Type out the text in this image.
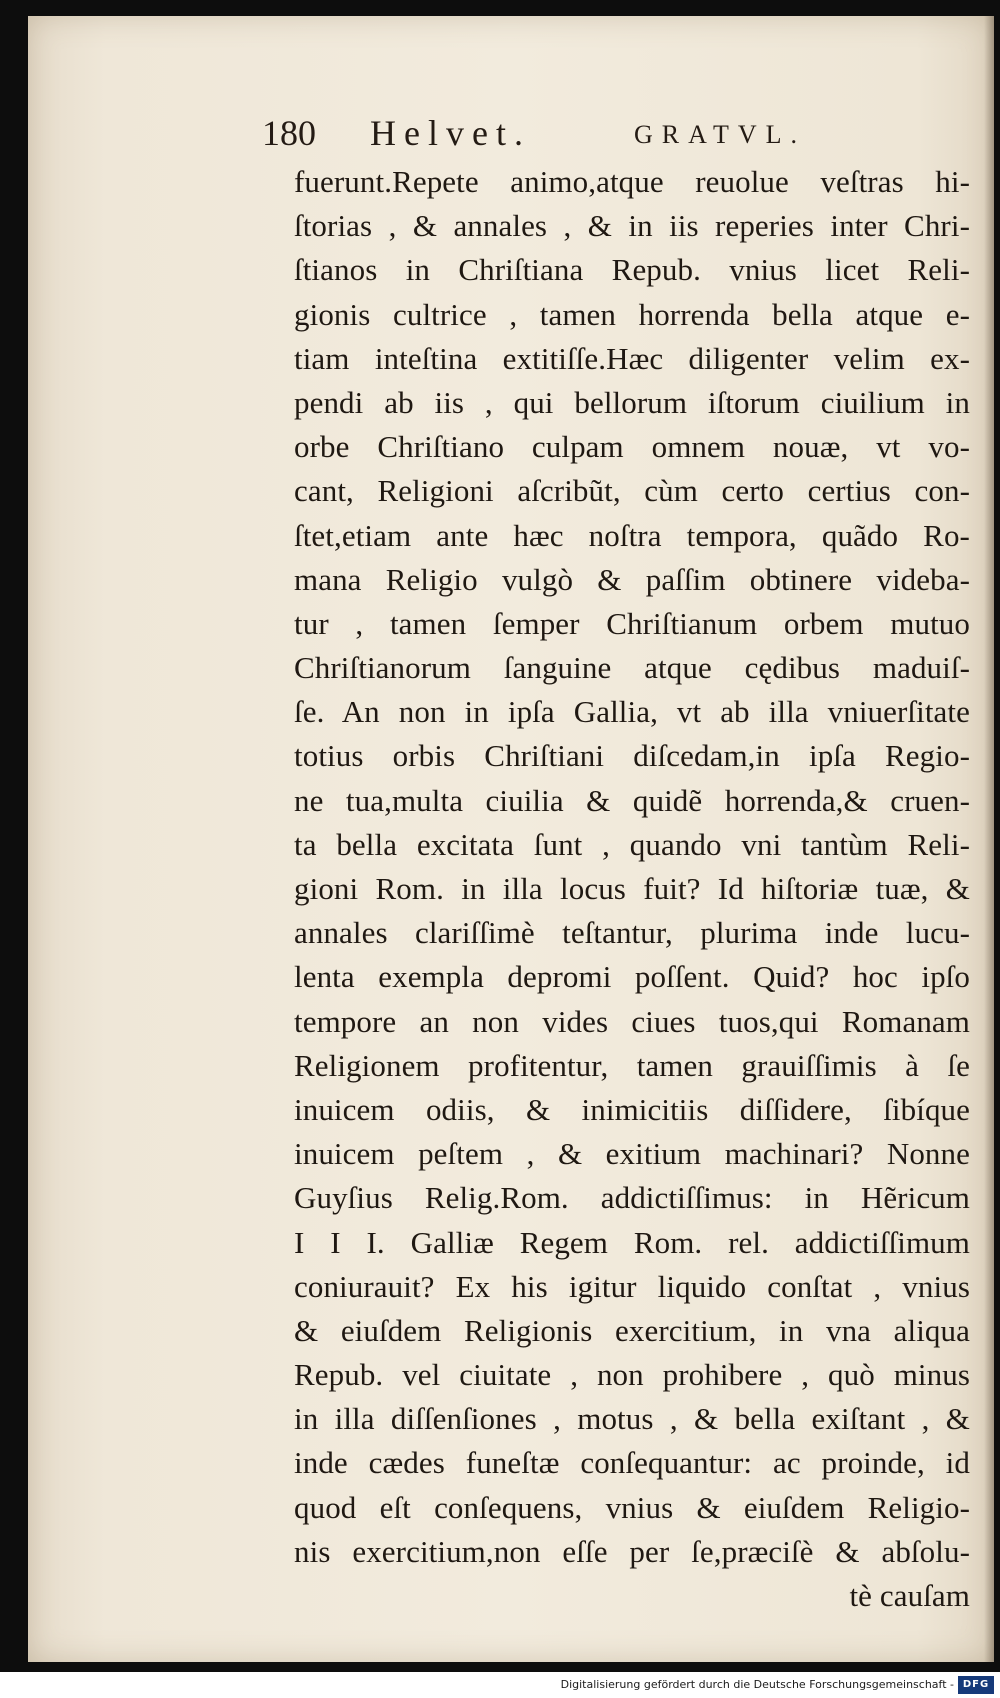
180 Helvet.	GRATVL.
fuerunt.Repete animo,atque reuolue veſtras hi-
ſtorias , & annales , & in iis reperies inter Chri-
ſtianos in Chriſtiana Repub. vnius licet Reli-
gionis cultrice , tamen horrenda bella atque e-
tiam inteſtina extitiſſe.Hæc diligenter velim ex-
pendi ab iis , qui bellorum iſtorum ciuilium in
orbe Chriſtiano culpam omnem nouæ, vt vo-
cant, Religioni aſcribũt, cùm certo certius con-
ſtet,etiam ante hæc noſtra tempora, quãdo Ro-
mana Religio vulgò & paſſim obtinere videba-
tur , tamen ſemper Chriſtianum orbem mutuo
Chriſtianorum ſanguine atque cędibus maduiſ-
ſe. An non in ipſa Gallia, vt ab illa vniuerſitate
totius orbis Chriſtiani diſcedam,in ipſa Regio-
ne tua,multa ciuilia & quidẽ horrenda,& cruen-
ta bella excitata ſunt , quando vni tantùm Reli-
gioni Rom. in illa locus fuit? Id hiſtoriæ tuæ, &
annales clariſſimè teſtantur, plurima inde lucu-
lenta exempla depromi poſſent. Quid? hoc ipſo
tempore an non vides ciues tuos,qui Romanam
Religionem profitentur, tamen grauiſſimis à ſe
inuicem odiis, & inimicitiis diſſidere, ſibíque
inuicem peſtem , & exitium machinari? Nonne
Guyſius Relig.Rom. addictiſſimus: in Hẽricum
I I I. Galliæ Regem Rom. rel. addictiſſimum
coniurauit? Ex his igitur liquido conſtat , vnius
& eiuſdem Religionis exercitium, in vna aliqua
Repub. vel ciuitate , non prohibere , quò minus
in illa diſſenſiones , motus , & bella exiſtant , &
inde cædes funeſtæ conſequantur: ac proinde, id
quod eſt conſequens, vnius & eiuſdem Religio-
nis exercitium,non eſſe per ſe,præciſè & abſolu-
tè cauſam
Digitalisierung gefördert durch die Deutsche Forschungsgemeinschaft - DFG
